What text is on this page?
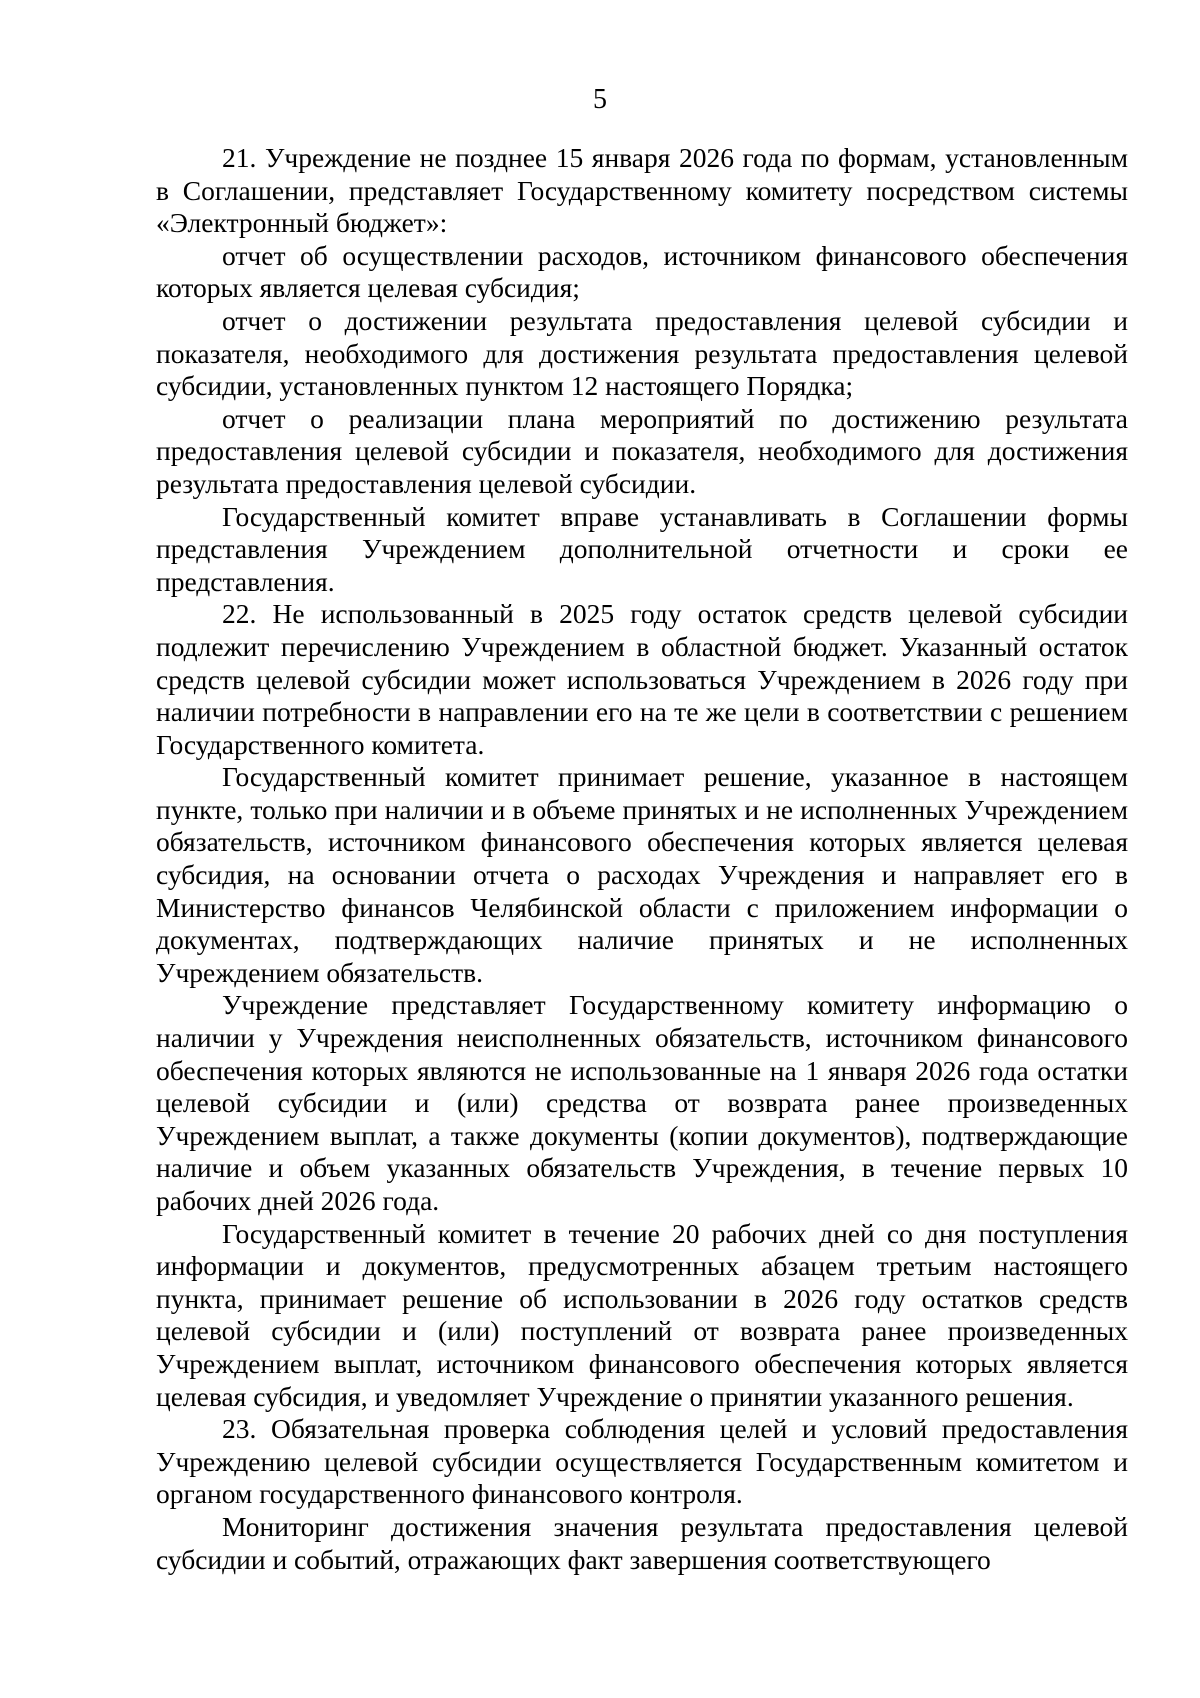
5

21. Учреждение не позднее 15 января 2026 года по формам, установленным в Соглашении, представляет Государственному комитету посредством системы «Электронный бюджет»:

отчет об осуществлении расходов, источником финансового обеспечения которых является целевая субсидия;

отчет о достижении результата предоставления целевой субсидии и показателя, необходимого для достижения результата предоставления целевой субсидии, установленных пунктом 12 настоящего Порядка;

отчет о реализации плана мероприятий по достижению результата предоставления целевой субсидии и показателя, необходимого для достижения результата предоставления целевой субсидии.

Государственный комитет вправе устанавливать в Соглашении формы представления Учреждением дополнительной отчетности и сроки ее представления.

22. Не использованный в 2025 году остаток средств целевой субсидии подлежит перечислению Учреждением в областной бюджет. Указанный остаток средств целевой субсидии может использоваться Учреждением в 2026 году при наличии потребности в направлении его на те же цели в соответствии с решением Государственного комитета.

Государственный комитет принимает решение, указанное в настоящем пункте, только при наличии и в объеме принятых и не исполненных Учреждением обязательств, источником финансового обеспечения которых является целевая субсидия, на основании отчета о расходах Учреждения и направляет его в Министерство финансов Челябинской области с приложением информации о документах, подтверждающих наличие принятых и не исполненных Учреждением обязательств.

Учреждение представляет Государственному комитету информацию о наличии у Учреждения неисполненных обязательств, источником финансового обеспечения которых являются не использованные на 1 января 2026 года остатки целевой субсидии и (или) средства от возврата ранее произведенных Учреждением выплат, а также документы (копии документов), подтверждающие наличие и объем указанных обязательств Учреждения, в течение первых 10 рабочих дней 2026 года.

Государственный комитет в течение 20 рабочих дней со дня поступления информации и документов, предусмотренных абзацем третьим настоящего пункта, принимает решение об использовании в 2026 году остатков средств целевой субсидии и (или) поступлений от возврата ранее произведенных Учреждением выплат, источником финансового обеспечения которых является целевая субсидия, и уведомляет Учреждение о принятии указанного решения.

23. Обязательная проверка соблюдения целей и условий предоставления Учреждению целевой субсидии осуществляется Государственным комитетом и органом государственного финансового контроля.

Мониторинг достижения значения результата предоставления целевой субсидии и событий, отражающих факт завершения соответствующего
